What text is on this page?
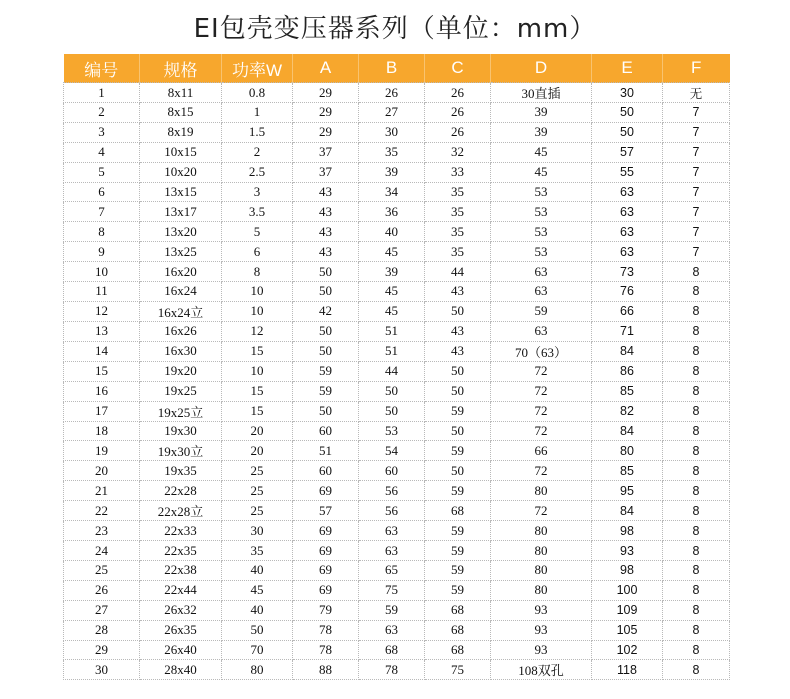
EI包壳变压器系列（单位：mm）
编号	规格	功率W	A	B	C	D	E	F
1	8x11	0.8	29	26	26	30直插	30	无
2	8x15	1	29	27	26	39	50	7
3	8x19	1.5	29	30	26	39	50	7
4	10x15	2	37	35	32	45	57	7
5	10x20	2.5	37	39	33	45	55	7
6	13x15	3	43	34	35	53	63	7
7	13x17	3.5	43	36	35	53	63	7
8	13x20	5	43	40	35	53	63	7
9	13x25	6	43	45	35	53	63	7
10	16x20	8	50	39	44	63	73	8
11	16x24	10	50	45	43	63	76	8
12	16x24立	10	42	45	50	59	66	8
13	16x26	12	50	51	43	63	71	8
14	16x30	15	50	51	43	70（63）	84	8
15	19x20	10	59	44	50	72	86	8
16	19x25	15	59	50	50	72	85	8
17	19x25立	15	50	50	59	72	82	8
18	19x30	20	60	53	50	72	84	8
19	19x30立	20	51	54	59	66	80	8
20	19x35	25	60	60	50	72	85	8
21	22x28	25	69	56	59	80	95	8
22	22x28立	25	57	56	68	72	84	8
23	22x33	30	69	63	59	80	98	8
24	22x35	35	69	63	59	80	93	8
25	22x38	40	69	65	59	80	98	8
26	22x44	45	69	75	59	80	100	8
27	26x32	40	79	59	68	93	109	8
28	26x35	50	78	63	68	93	105	8
29	26x40	70	78	68	68	93	102	8
30	28x40	80	88	78	75	108双孔	118	8
